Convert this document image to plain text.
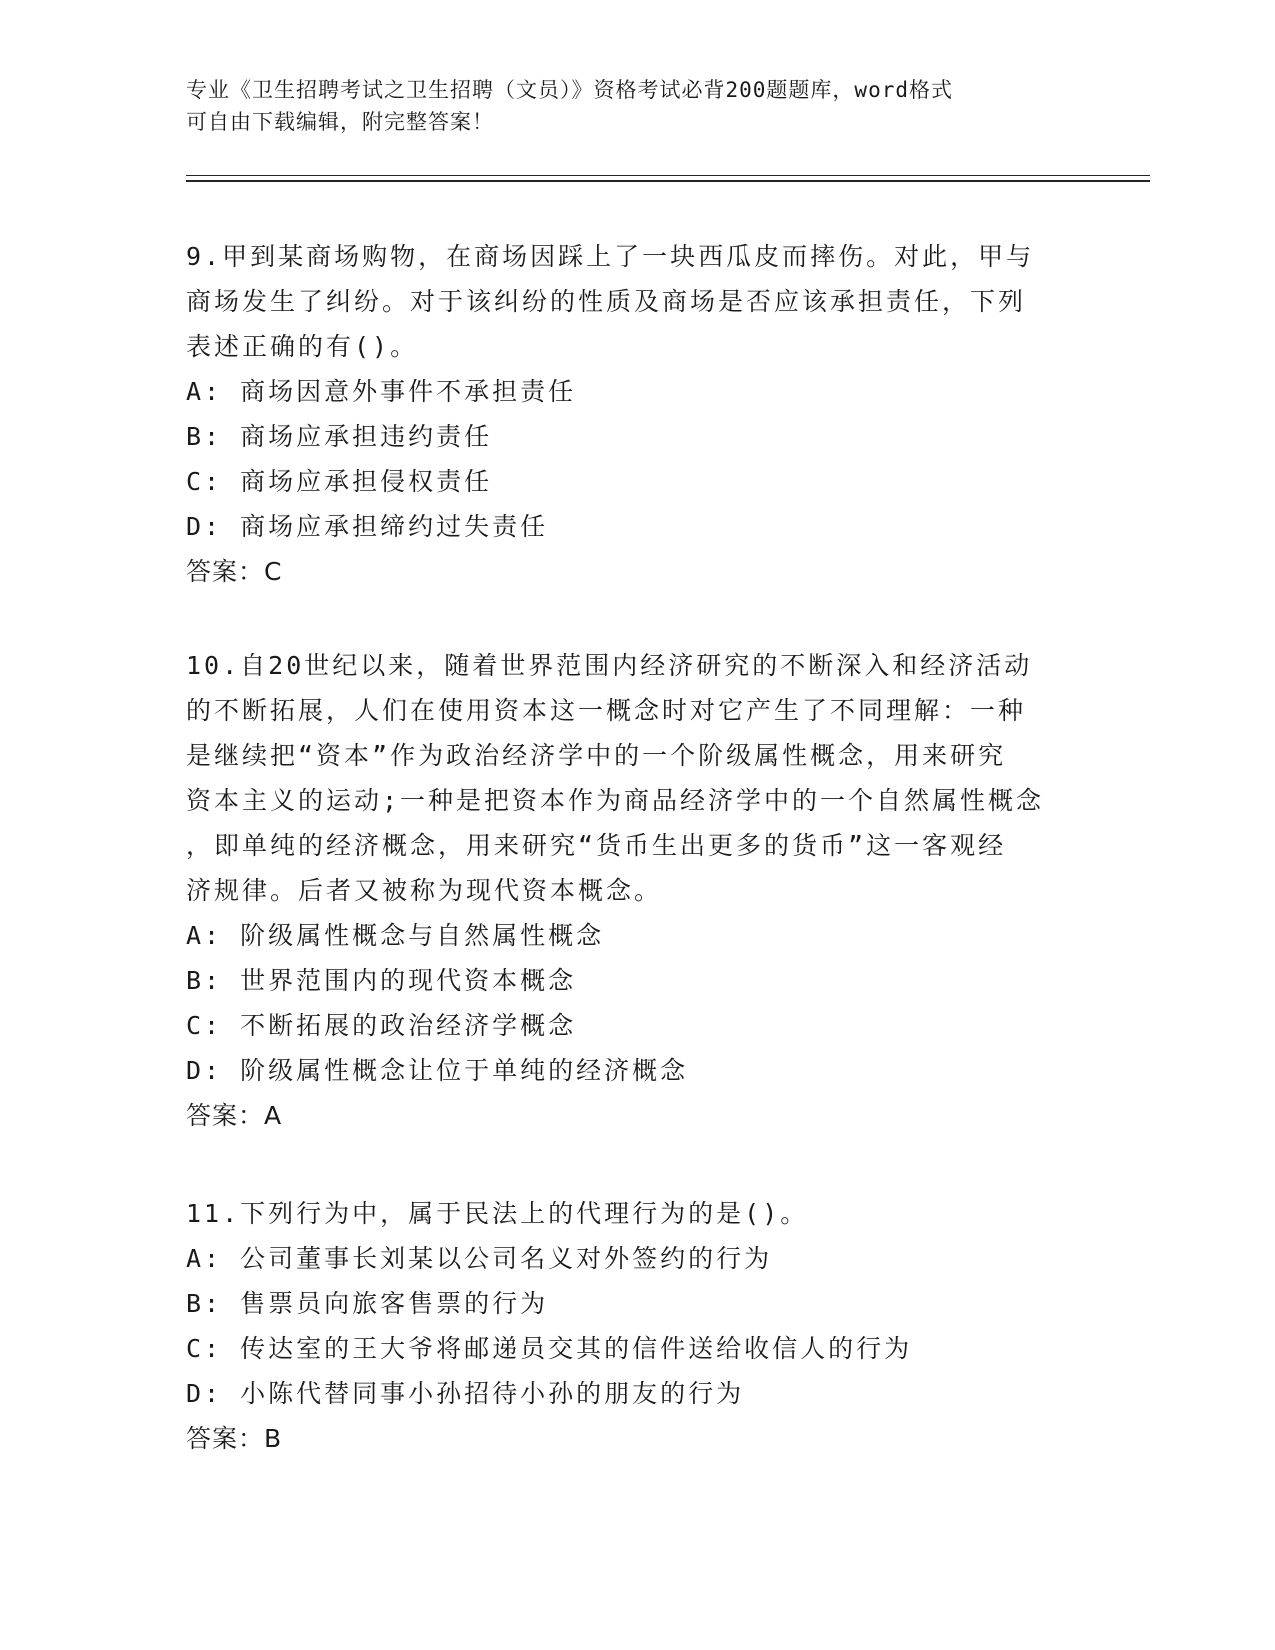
专业《卫生招聘考试之卫生招聘（文员）》资格考试必背200题题库，word格式
可自由下载编辑，附完整答案！
9.甲到某商场购物，在商场因踩上了一块西瓜皮而摔伤。对此，甲与
商场发生了纠纷。对于该纠纷的性质及商场是否应该承担责任，下列
表述正确的有()。
A: 商场因意外事件不承担责任
B: 商场应承担违约责任
C: 商场应承担侵权责任
D: 商场应承担缔约过失责任
答案：C
10.自20世纪以来，随着世界范围内经济研究的不断深入和经济活动
的不断拓展，人们在使用资本这一概念时对它产生了不同理解：一种
是继续把“资本”作为政治经济学中的一个阶级属性概念，用来研究
资本主义的运动;一种是把资本作为商品经济学中的一个自然属性概念
，即单纯的经济概念，用来研究“货币生出更多的货币”这一客观经
济规律。后者又被称为现代资本概念。
A: 阶级属性概念与自然属性概念
B: 世界范围内的现代资本概念
C: 不断拓展的政治经济学概念
D: 阶级属性概念让位于单纯的经济概念
答案：A
11.下列行为中，属于民法上的代理行为的是()。
A: 公司董事长刘某以公司名义对外签约的行为
B: 售票员向旅客售票的行为
C: 传达室的王大爷将邮递员交其的信件送给收信人的行为
D: 小陈代替同事小孙招待小孙的朋友的行为
答案：B
